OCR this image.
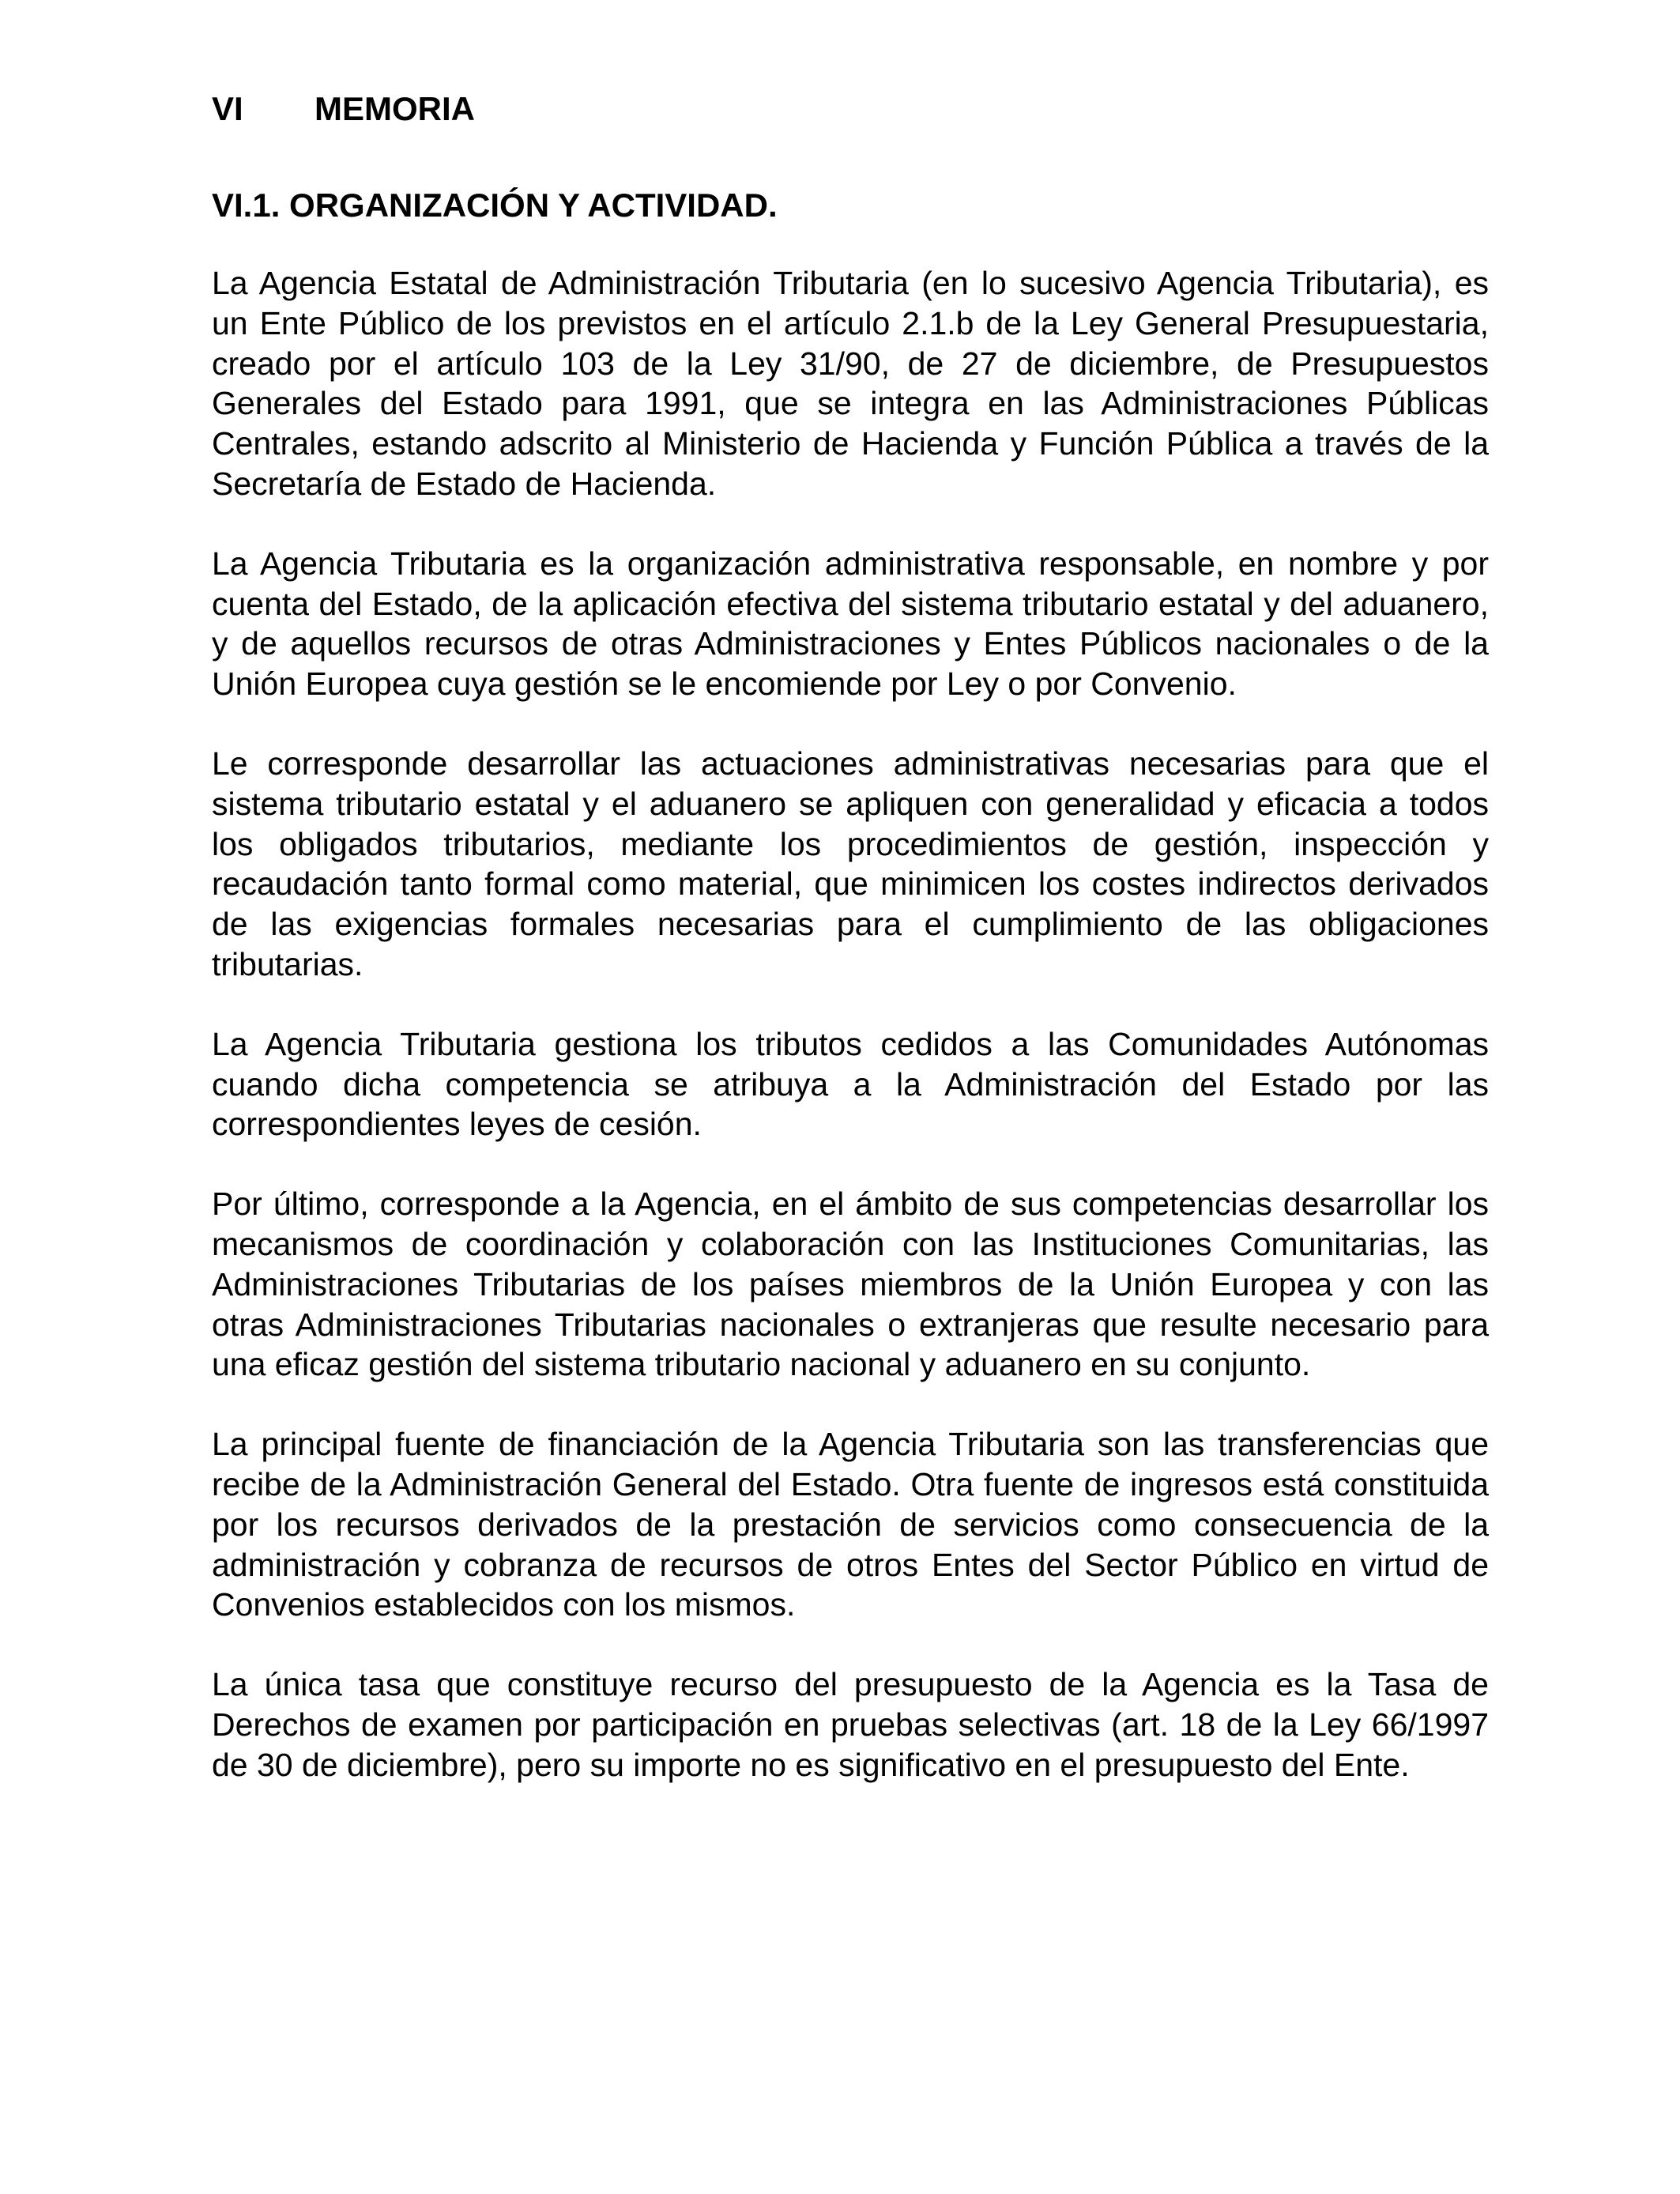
VI MEMORIA
VI.1. ORGANIZACIÓN Y ACTIVIDAD.

La Agencia Estatal de Administración Tributaria (en lo sucesivo Agencia Tributaria), es un Ente Público de los previstos en el artículo 2.1.b de la Ley General Presupuestaria, creado por el artículo 103 de la Ley 31/90, de 27 de diciembre, de Presupuestos Generales del Estado para 1991, que se integra en las Administraciones Públicas Centrales, estando adscrito al Ministerio de Hacienda y Función Pública a través de la Secretaría de Estado de Hacienda.

La Agencia Tributaria es la organización administrativa responsable, en nombre y por cuenta del Estado, de la aplicación efectiva del sistema tributario estatal y del aduanero, y de aquellos recursos de otras Administraciones y Entes Públicos nacionales o de la Unión Europea cuya gestión se le encomiende por Ley o por Convenio.

Le corresponde desarrollar las actuaciones administrativas necesarias para que el sistema tributario estatal y el aduanero se apliquen con generalidad y eficacia a todos los obligados tributarios, mediante los procedimientos de gestión, inspección y recaudación tanto formal como material, que minimicen los costes indirectos derivados de las exigencias formales necesarias para el cumplimiento de las obligaciones tributarias.

La Agencia Tributaria gestiona los tributos cedidos a las Comunidades Autónomas cuando dicha competencia se atribuya a la Administración del Estado por las correspondientes leyes de cesión.

Por último, corresponde a la Agencia, en el ámbito de sus competencias desarrollar los mecanismos de coordinación y colaboración con las Instituciones Comunitarias, las Administraciones Tributarias de los países miembros de la Unión Europea y con las otras Administraciones Tributarias nacionales o extranjeras que resulte necesario para una eficaz gestión del sistema tributario nacional y aduanero en su conjunto.

La principal fuente de financiación de la Agencia Tributaria son las transferencias que recibe de la Administración General del Estado. Otra fuente de ingresos está constituida por los recursos derivados de la prestación de servicios como consecuencia de la administración y cobranza de recursos de otros Entes del Sector Público en virtud de Convenios establecidos con los mismos.

La única tasa que constituye recurso del presupuesto de la Agencia es la Tasa de Derechos de examen por participación en pruebas selectivas (art. 18 de la Ley 66/1997 de 30 de diciembre), pero su importe no es significativo en el presupuesto del Ente.
